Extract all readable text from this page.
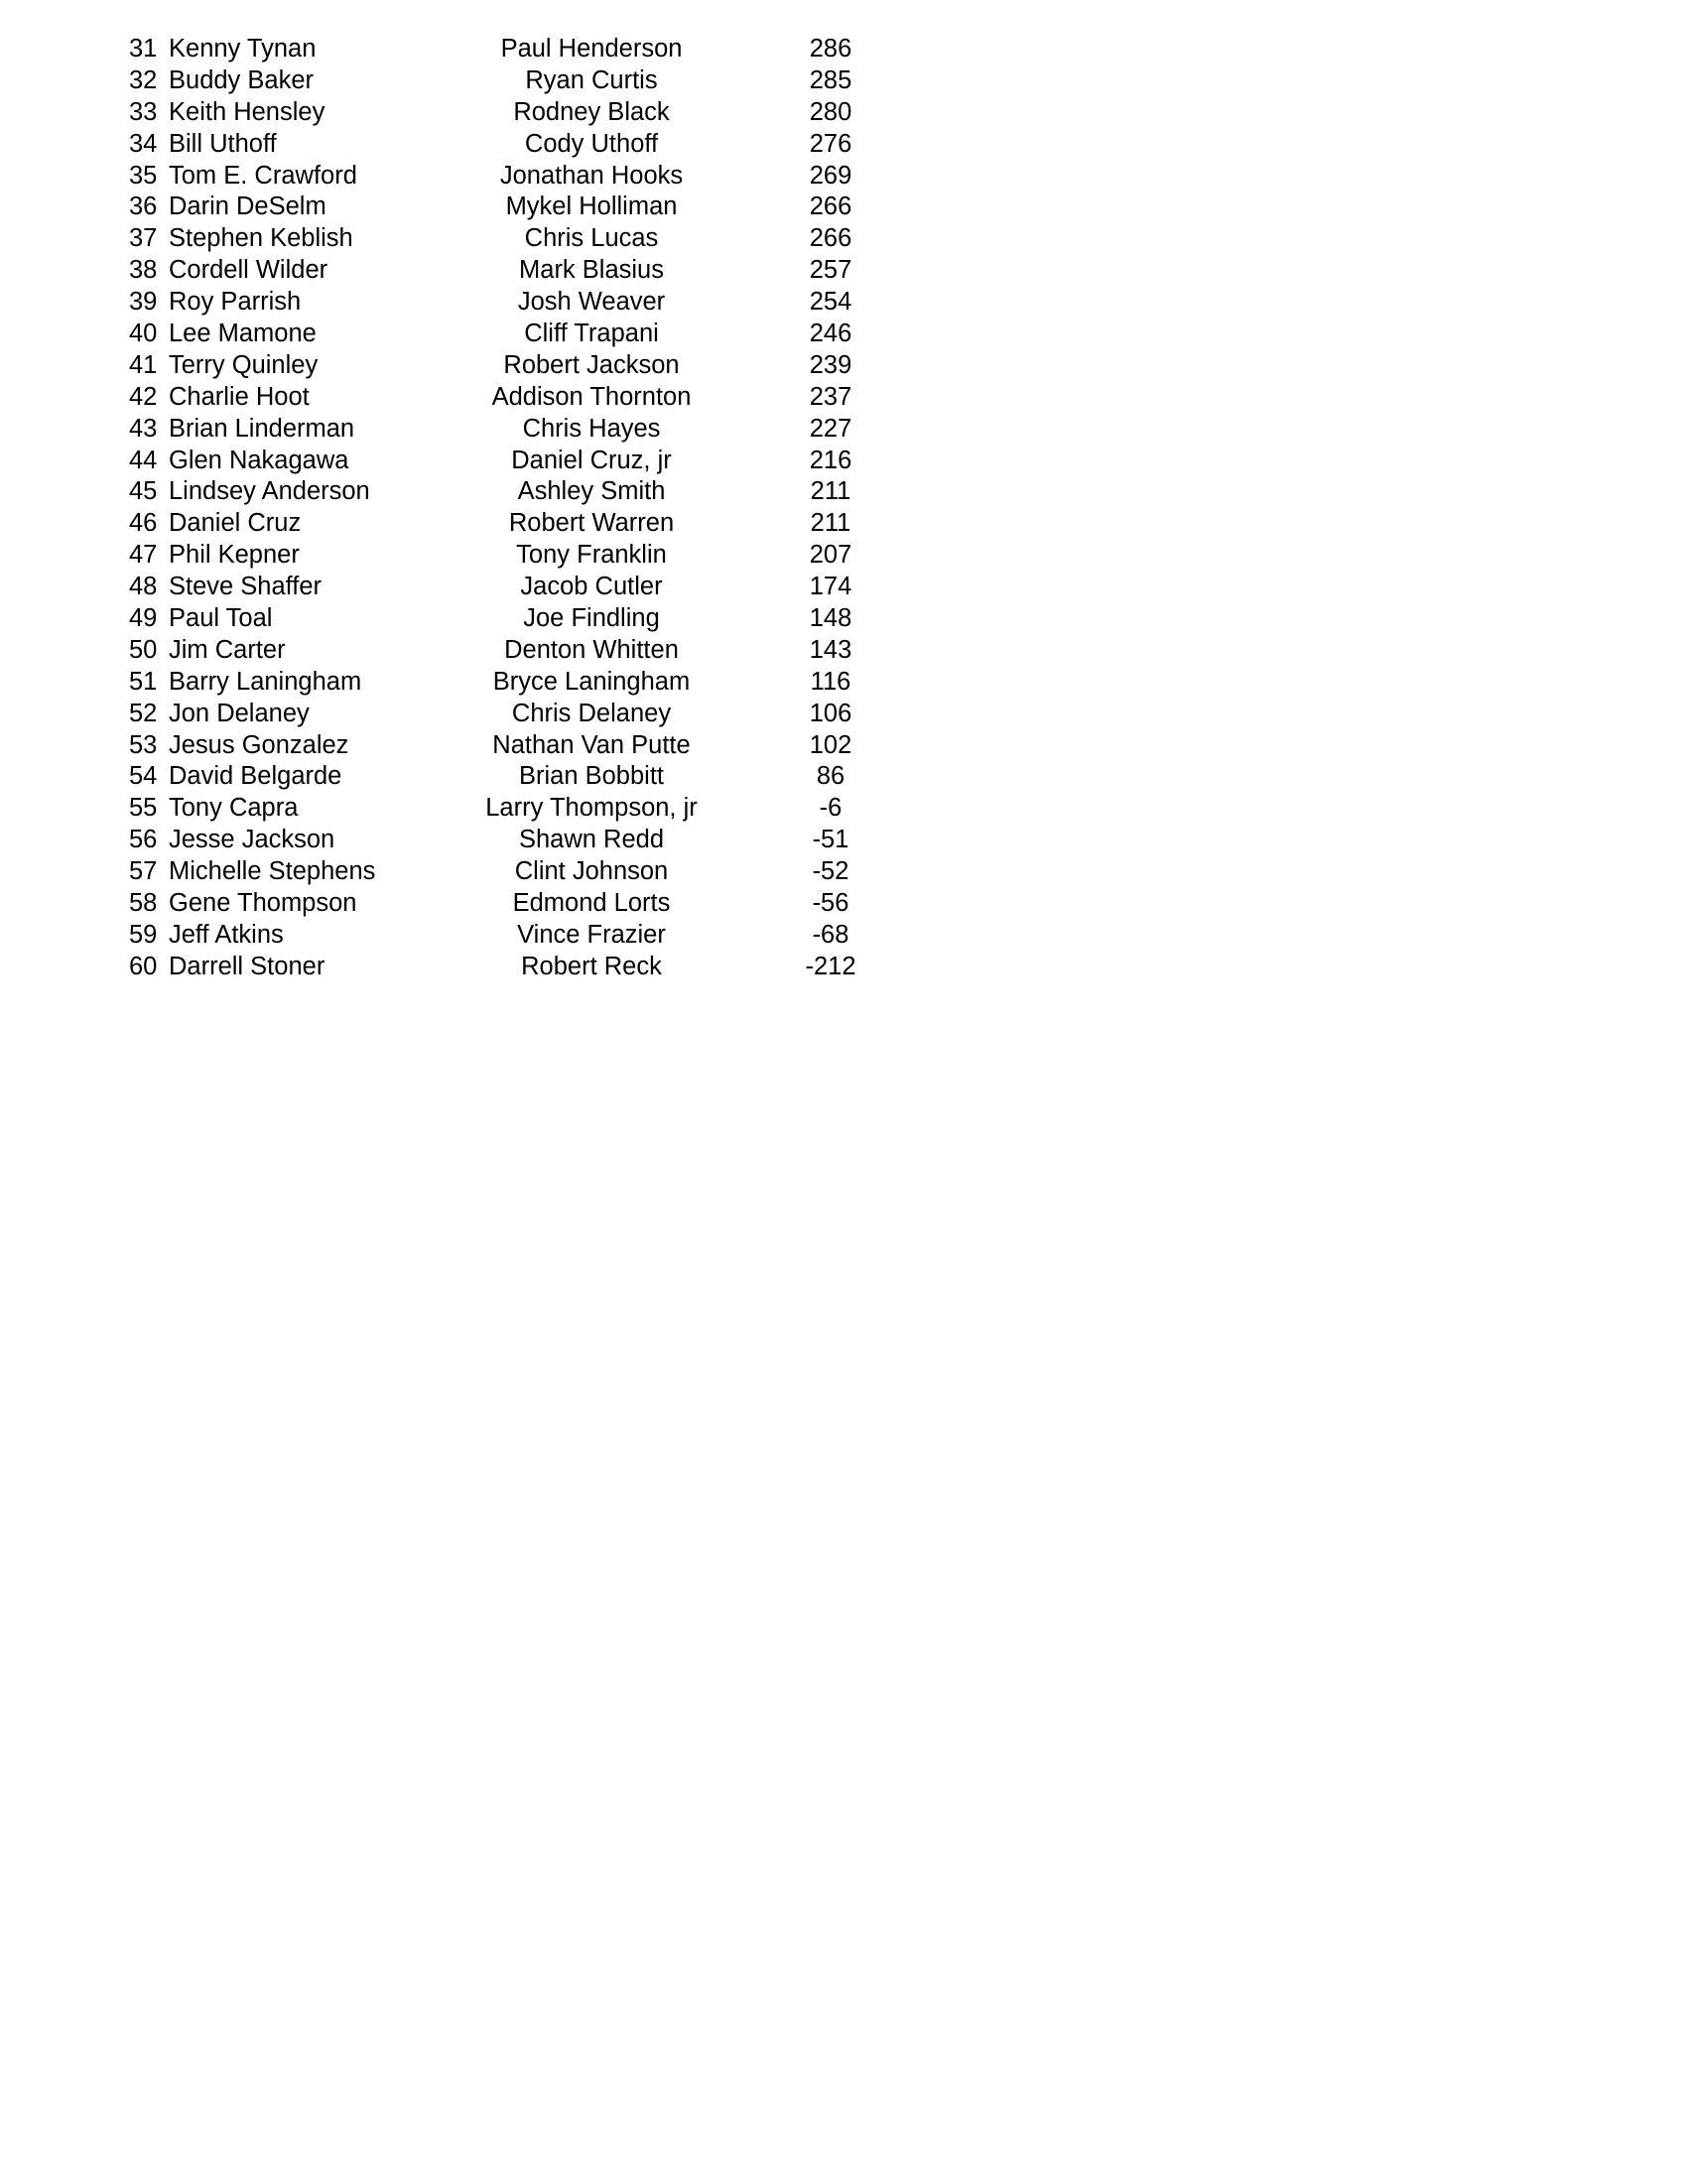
31 Kenny Tynan	Paul Henderson	286
32 Buddy Baker	Ryan Curtis	285
33 Keith Hensley	Rodney Black	280
34 Bill Uthoff	Cody Uthoff	276
35 Tom E. Crawford	Jonathan Hooks	269
36 Darin DeSelm	Mykel Holliman	266
37 Stephen Keblish	Chris Lucas	266
38 Cordell Wilder	Mark Blasius	257
39 Roy Parrish	Josh Weaver	254
40 Lee Mamone	Cliff Trapani	246
41 Terry Quinley	Robert Jackson	239
42 Charlie Hoot	Addison Thornton	237
43 Brian Linderman	Chris Hayes	227
44 Glen Nakagawa	Daniel Cruz, jr	216
45 Lindsey Anderson	Ashley Smith	211
46 Daniel Cruz	Robert Warren	211
47 Phil Kepner	Tony Franklin	207
48 Steve Shaffer	Jacob Cutler	174
49 Paul Toal	Joe Findling	148
50 Jim Carter	Denton Whitten	143
51 Barry Laningham	Bryce Laningham	116
52 Jon Delaney	Chris Delaney	106
53 Jesus Gonzalez	Nathan Van Putte	102
54 David Belgarde	Brian Bobbitt	86
55 Tony Capra	Larry Thompson, jr	-6
56 Jesse Jackson	Shawn Redd	-51
57 Michelle Stephens	Clint Johnson	-52
58 Gene Thompson	Edmond Lorts	-56
59 Jeff Atkins	Vince Frazier	-68
60 Darrell Stoner	Robert Reck	-212
